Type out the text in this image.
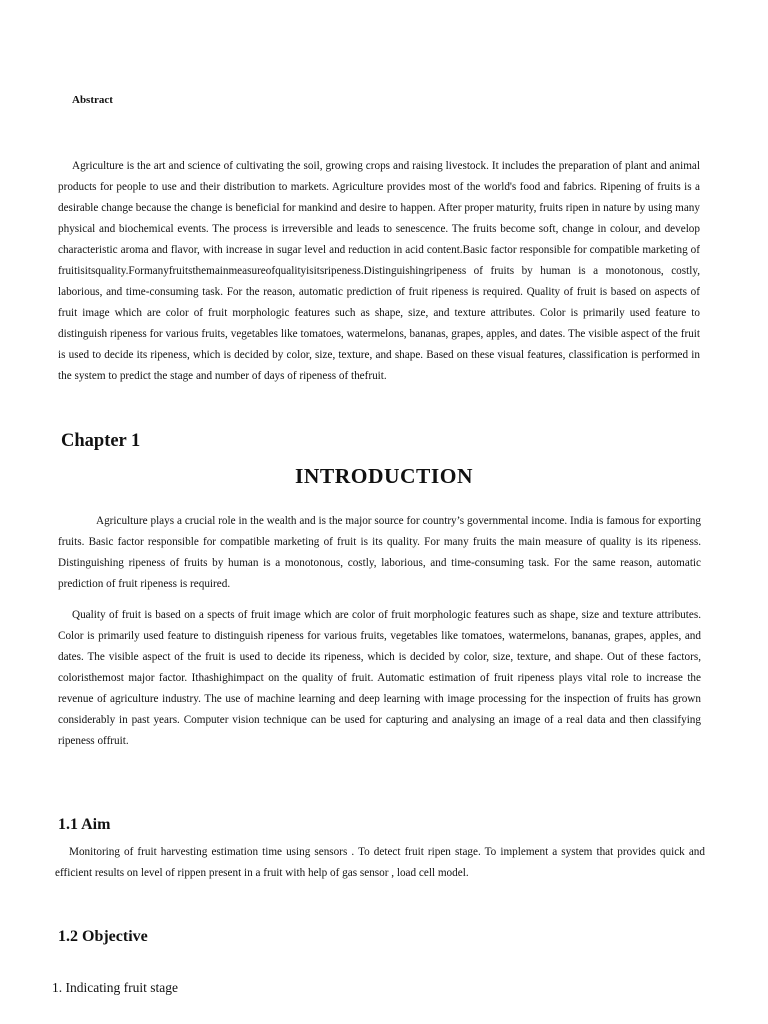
Abstract
Agriculture is the art and science of cultivating the soil, growing crops and raising livestock. It includes the preparation of plant and animal products for people to use and their distribution to markets. Agriculture provides most of the world's food and fabrics. Ripening of fruits is a desirable change because the change is beneficial for mankind and desire to happen. After proper maturity, fruits ripen in nature by using many physical and biochemical events. The process is irreversible and leads to senescence. The fruits become soft, change in colour, and develop characteristic aroma and flavor, with increase in sugar level and reduction in acid content.Basic factor responsible for compatible marketing of fruitisitsquality.Formanyfruitsthemainmeasureofqualityisitsripeness.Distinguishingripeness of fruits by human is a monotonous, costly, laborious, and time-consuming task. For the reason, automatic prediction of fruit ripeness is required. Quality of fruit is based on aspects of fruit image which are color of fruit morphologic features such as shape, size, and texture attributes. Color is primarily used feature to distinguish ripeness for various fruits, vegetables like tomatoes, watermelons, bananas, grapes, apples, and dates. The visible aspect of the fruit is used to decide its ripeness, which is decided by color, size, texture, and shape. Based on these visual features, classification is performed in the system to predict the stage and number of days of ripeness of thefruit.
Chapter 1
INTRODUCTION
Agriculture plays a crucial role in the wealth and is the major source for country’s governmental income. India is famous for exporting fruits. Basic factor responsible for compatible marketing of fruit is its quality. For many fruits the main measure of quality is its ripeness. Distinguishing ripeness of fruits by human is a monotonous, costly, laborious, and time-consuming task. For the same reason, automatic prediction of fruit ripeness is required.
Quality of fruit is based on a spects of fruit image which are color of fruit morphologic features such as shape, size and texture attributes. Color is primarily used feature to distinguish ripeness for various fruits, vegetables like tomatoes, watermelons, bananas, grapes, apples, and dates. The visible aspect of the fruit is used to decide its ripeness, which is decided by color, size, texture, and shape. Out of these factors, coloristhemost major factor. Ithashighimpact on the quality of fruit. Automatic estimation of fruit ripeness plays vital role to increase the revenue of agriculture industry. The use of machine learning and deep learning with image processing for the inspection of fruits has grown considerably in past years. Computer vision technique can be used for capturing and analysing an image of a real data and then classifying ripeness offruit.
1.1 Aim
Monitoring of fruit harvesting estimation time using sensors . To detect fruit ripen stage. To implement a system that provides quick and efficient results on level of rippen present in a fruit with help of gas sensor , load cell model.
1.2 Objective
1. Indicating fruit stage
